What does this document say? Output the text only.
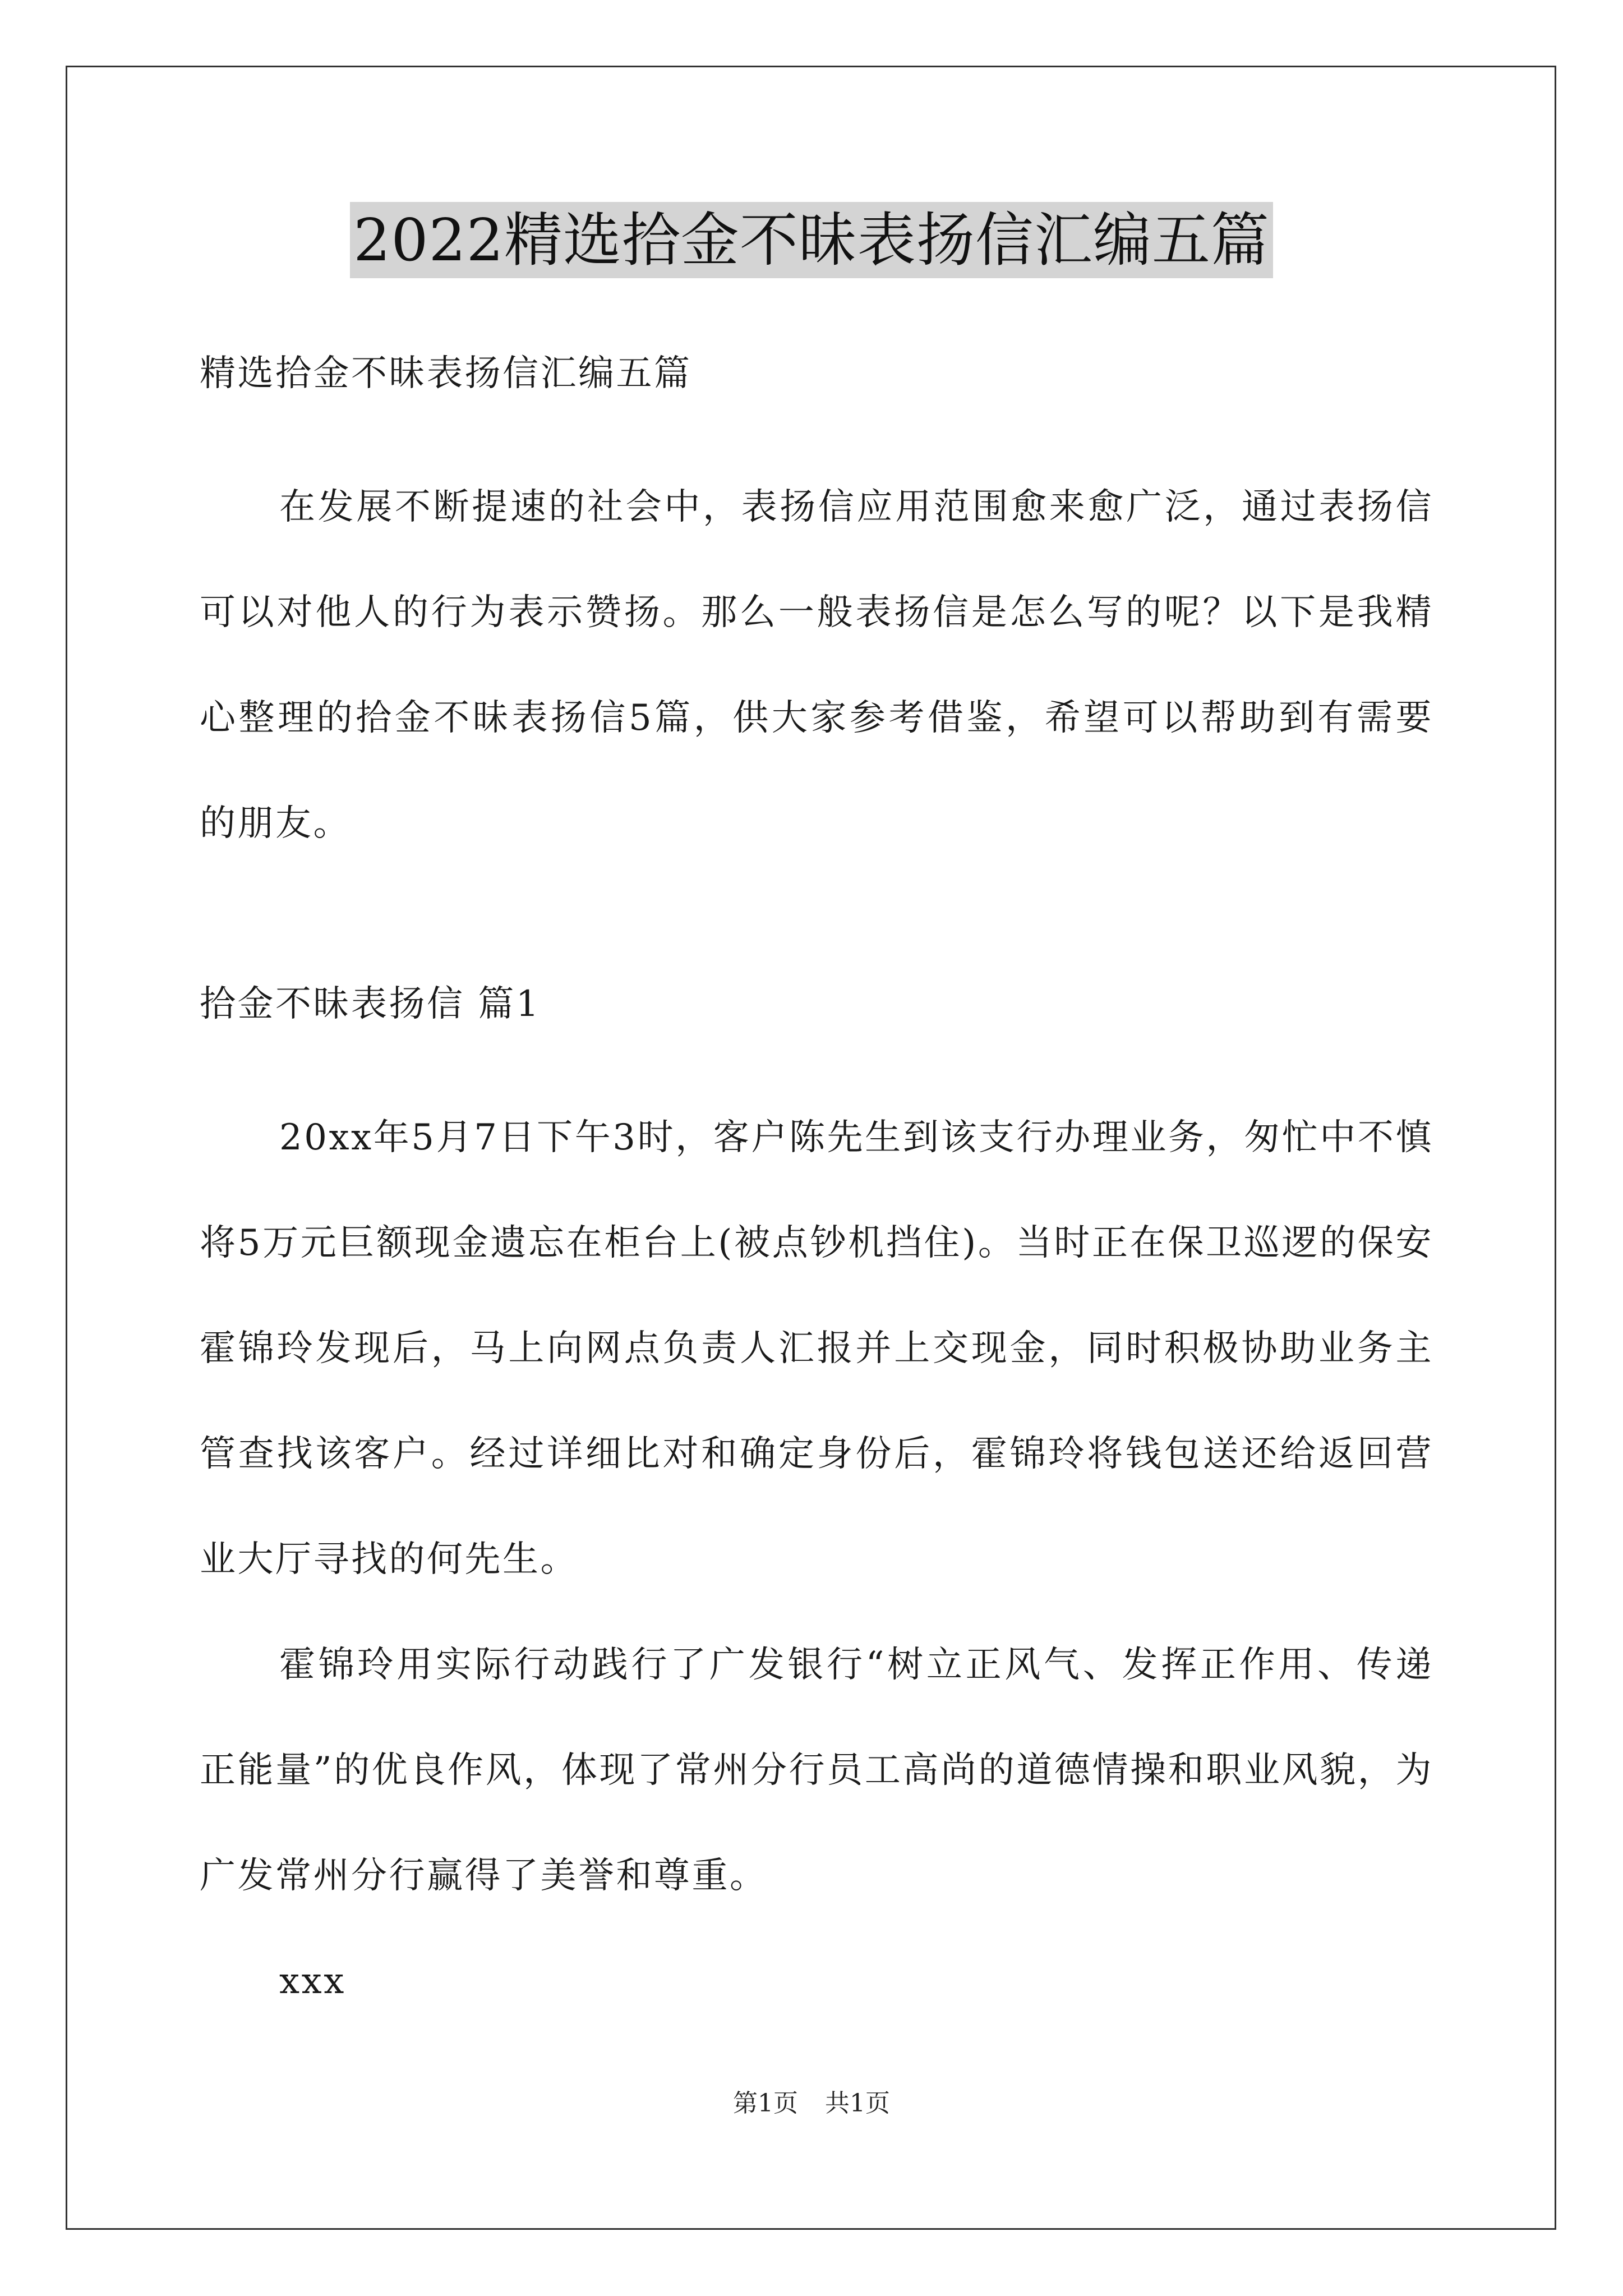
2022精选拾金不昧表扬信汇编五篇

精选拾金不昧表扬信汇编五篇

在发展不断提速的社会中，表扬信应用范围愈来愈广泛，通过表扬信可以对他人的行为表示赞扬。那么一般表扬信是怎么写的呢？以下是我精心整理的拾金不昧表扬信5篇，供大家参考借鉴，希望可以帮助到有需要的朋友。

拾金不昧表扬信 篇1

20xx年5月7日下午3时，客户陈先生到该支行办理业务，匆忙中不慎将5万元巨额现金遗忘在柜台上(被点钞机挡住)。当时正在保卫巡逻的保安霍锦玲发现后，马上向网点负责人汇报并上交现金，同时积极协助业务主管查找该客户。经过详细比对和确定身份后，霍锦玲将钱包送还给返回营业大厅寻找的何先生。

霍锦玲用实际行动践行了广发银行“树立正风气、发挥正作用、传递正能量”的优良作风，体现了常州分行员工高尚的道德情操和职业风貌，为广发常州分行赢得了美誉和尊重。

xxx

第1页 共1页
